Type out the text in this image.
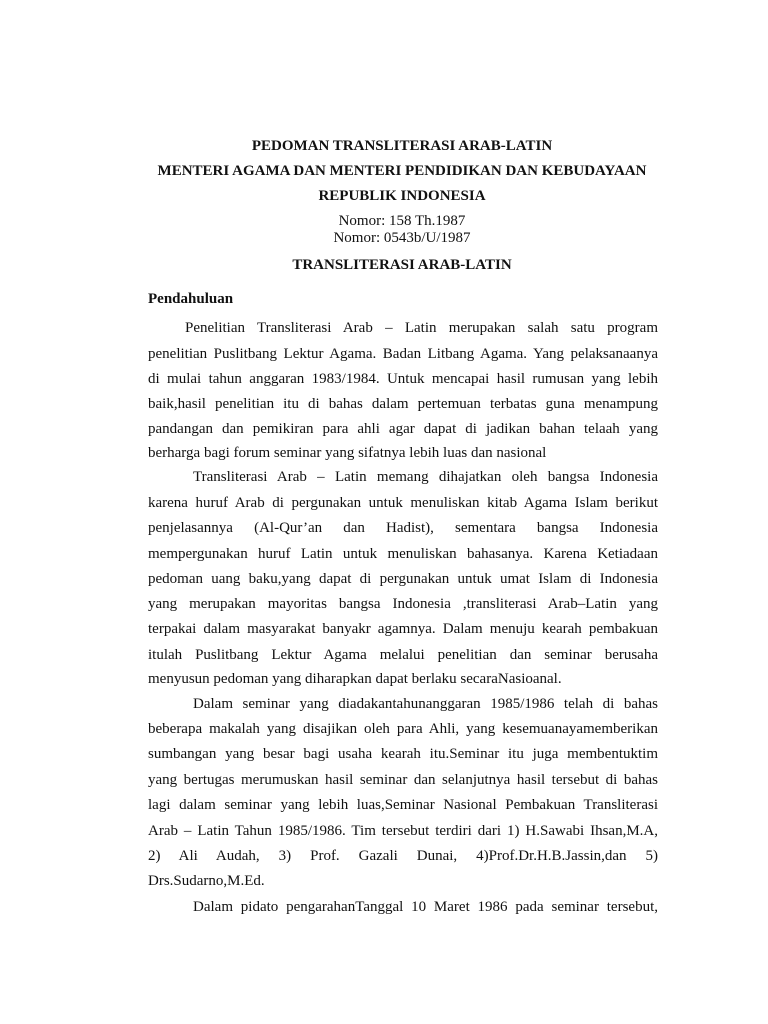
PEDOMAN TRANSLITERASI ARAB-LATIN
MENTERI AGAMA DAN MENTERI PENDIDIKAN DAN KEBUDAYAAN
REPUBLIK INDONESIA
Nomor: 158 Th.1987
Nomor: 0543b/U/1987
TRANSLITERASI ARAB-LATIN
Pendahuluan
Penelitian Transliterasi Arab – Latin merupakan salah satu program
penelitian Puslitbang Lektur Agama. Badan Litbang Agama. Yang pelaksanaanya
di mulai tahun anggaran 1983/1984. Untuk mencapai hasil rumusan yang lebih
baik,hasil penelitian itu di bahas dalam pertemuan terbatas guna menampung
pandangan dan pemikiran para ahli agar dapat di jadikan bahan telaah yang
berharga bagi forum seminar yang sifatnya lebih luas dan nasional
Transliterasi Arab – Latin memang dihajatkan oleh bangsa Indonesia
karena huruf Arab di pergunakan untuk menuliskan kitab Agama Islam berikut
penjelasannya (Al-Qur’an dan Hadist), sementara bangsa Indonesia
mempergunakan huruf Latin untuk menuliskan bahasanya. Karena Ketiadaan
pedoman uang baku,yang dapat di pergunakan untuk umat Islam di Indonesia
yang merupakan mayoritas bangsa Indonesia ,transliterasi Arab–Latin yang
terpakai dalam masyarakat banyakr agamnya. Dalam menuju kearah pembakuan
itulah Puslitbang Lektur Agama melalui penelitian dan seminar berusaha
menyusun pedoman yang diharapkan dapat berlaku secaraNasioanal.
Dalam seminar yang diadakantahunanggaran 1985/1986 telah di bahas
beberapa makalah yang disajikan oleh para Ahli, yang kesemuanayamemberikan
sumbangan yang besar bagi usaha kearah itu.Seminar itu juga membentuktim
yang bertugas merumuskan hasil seminar dan selanjutnya hasil tersebut di bahas
lagi dalam seminar yang lebih luas,Seminar Nasional Pembakuan Transliterasi
Arab – Latin Tahun 1985/1986. Tim tersebut terdiri dari 1) H.Sawabi Ihsan,M.A,
2) Ali Audah, 3) Prof. Gazali Dunai, 4)Prof.Dr.H.B.Jassin,dan 5)
Drs.Sudarno,M.Ed.
Dalam pidato pengarahanTanggal 10 Maret 1986 pada seminar tersebut,
